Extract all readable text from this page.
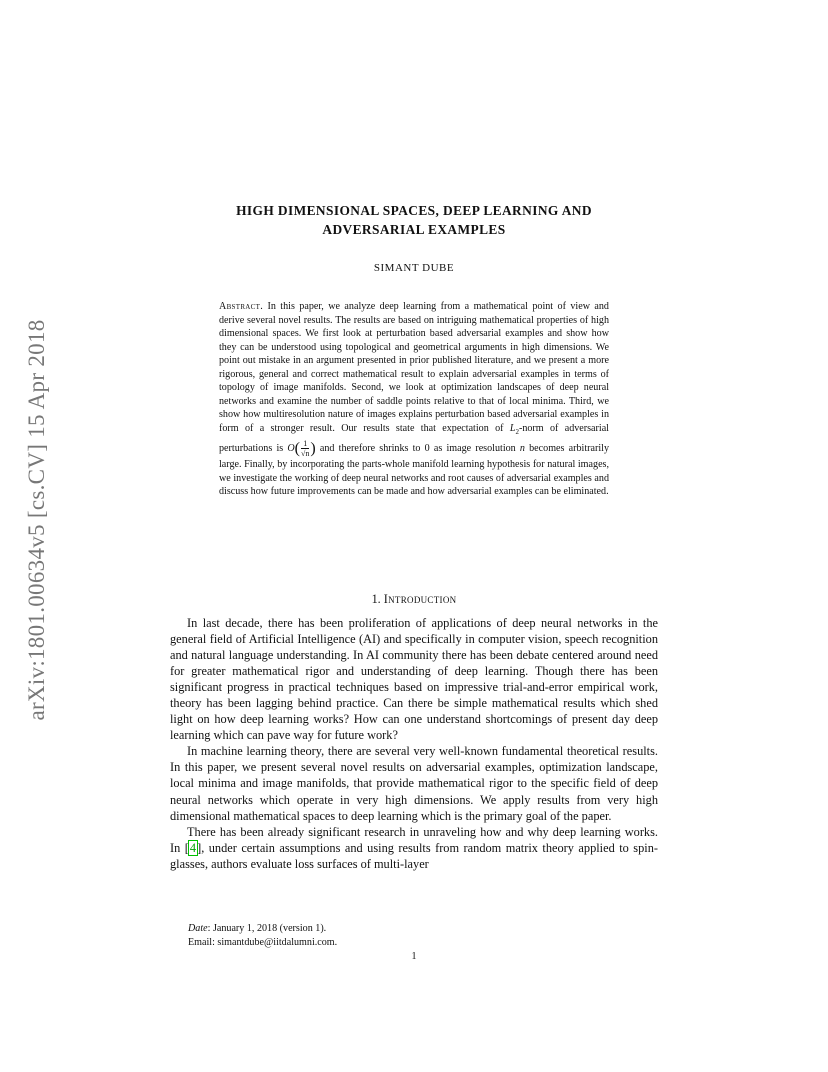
arXiv:1801.00634v5 [cs.CV] 15 Apr 2018
HIGH DIMENSIONAL SPACES, DEEP LEARNING AND
ADVERSARIAL EXAMPLES
SIMANT DUBE
Abstract. In this paper, we analyze deep learning from a mathematical point of view and derive several novel results. The results are based on intriguing mathematical properties of high dimensional spaces. We first look at perturbation based adversarial examples and show how they can be understood using topological and geometrical arguments in high dimensions. We point out mistake in an argument presented in prior published literature, and we present a more rigorous, general and correct mathematical result to explain adversarial examples in terms of topology of image manifolds. Second, we look at optimization landscapes of deep neural networks and examine the number of saddle points relative to that of local minima. Third, we show how multiresolution nature of images explains perturbation based adversarial examples in form of a stronger result. Our results state that expectation of $L_2$-norm of adversarial perturbations is $O( \frac{1}{√n}$ ) and therefore shrinks to 0 as image resolution n becomes arbitrarily large. Finally, by incorporating the parts-whole manifold learning hypothesis for natural images, we investigate the working of deep neural networks and root causes of adversarial examples and discuss how future improvements can be made and how adversarial examples can be eliminated.
1. Introduction

In last decade, there has been proliferation of applications of deep neural networks in the general field of Artificial Intelligence (AI) and specifically in computer vision, speech recognition and natural language understanding. In AI community there has been debate centered around need for greater mathematical rigor and understanding of deep learning. Though there has been significant progress in practical techniques based on impressive trial-and-error empirical work, theory has been lagging behind practice. Can there be simple mathematical results which shed light on how deep learning works? How can one understand shortcomings of present day deep learning which can pave way for future work?

In machine learning theory, there are several very well-known fundamental theoretical results. In this paper, we present several novel results on adversarial examples, optimization landscape, local minima and image manifolds, that provide mathematical rigor to the specific field of deep neural networks which operate in very high dimensions. We apply results from very high dimensional mathematical spaces to deep learning which is the primary goal of the paper.

There has been already significant research in unraveling how and why deep learning works. In [4], under certain assumptions and using results from random matrix theory applied to spin-glasses, authors evaluate loss surfaces of multi-layer

Date: January 1, 2018 (version 1).
Email: simantdube@iitdalumni.com.
1
